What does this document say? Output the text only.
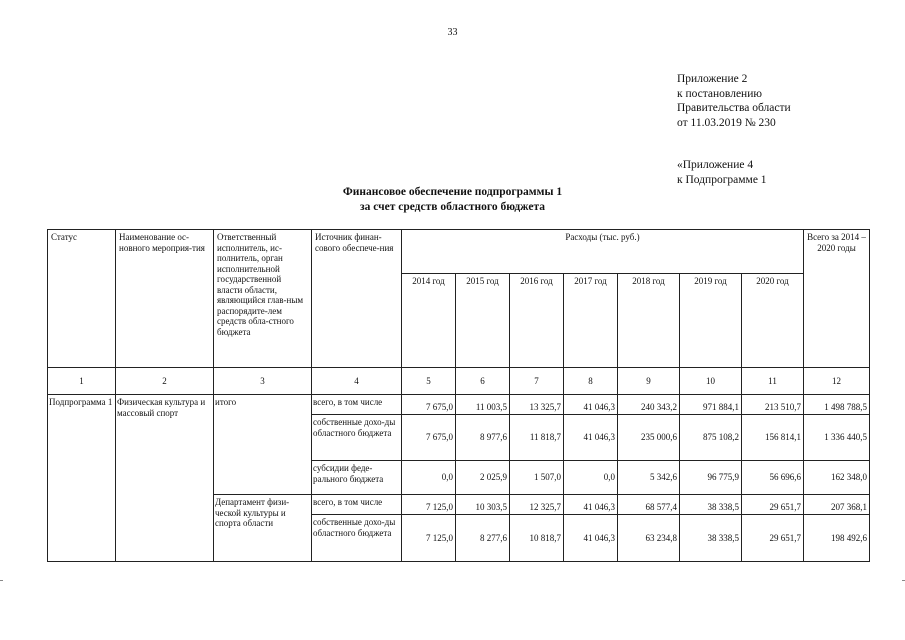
33
Приложение 2
к постановлению
Правительства области
от 11.03.2019 № 230
«Приложение 4
к Подпрограмме 1
Финансовое обеспечение подпрограммы 1
за счет средств областного бюджета
Статус	Наименование ос-новного мероприя-тия	Ответственный исполнитель, ис-полнитель, орган исполнительной государственной власти области, являющийся глав-ным распорядите-лем средств обла-стного бюджета	Источник финан-сового обеспече-ния	Расходы (тыс. руб.)							Всего за 2014 – 2020 годы
				2014 год	2015 год	2016 год	2017 год	2018 год	2019 год	2020 год	
1	2	3	4	5	6	7	8	9	10	11	12
Подпрограмма 1	Физическая культура и массовый спорт	итого	всего, в том числе	7 675,0	11 003,5	13 325,7	41 046,3	240 343,2	971 884,1	213 510,7	1 498 788,5
			собственные дохо-ды областного бюджета	7 675,0	8 977,6	11 818,7	41 046,3	235 000,6	875 108,2	156 814,1	1 336 440,5
			субсидии феде-рального бюджета	0,0	2 025,9	1 507,0	0,0	5 342,6	96 775,9	56 696,6	162 348,0
		Департамент физи-ческой культуры и спорта области	всего, в том числе	7 125,0	10 303,5	12 325,7	41 046,3	68 577,4	38 338,5	29 651,7	207 368,1
			собственные дохо-ды областного бюджета	7 125,0	8 277,6	10 818,7	41 046,3	63 234,8	38 338,5	29 651,7	198 492,6
